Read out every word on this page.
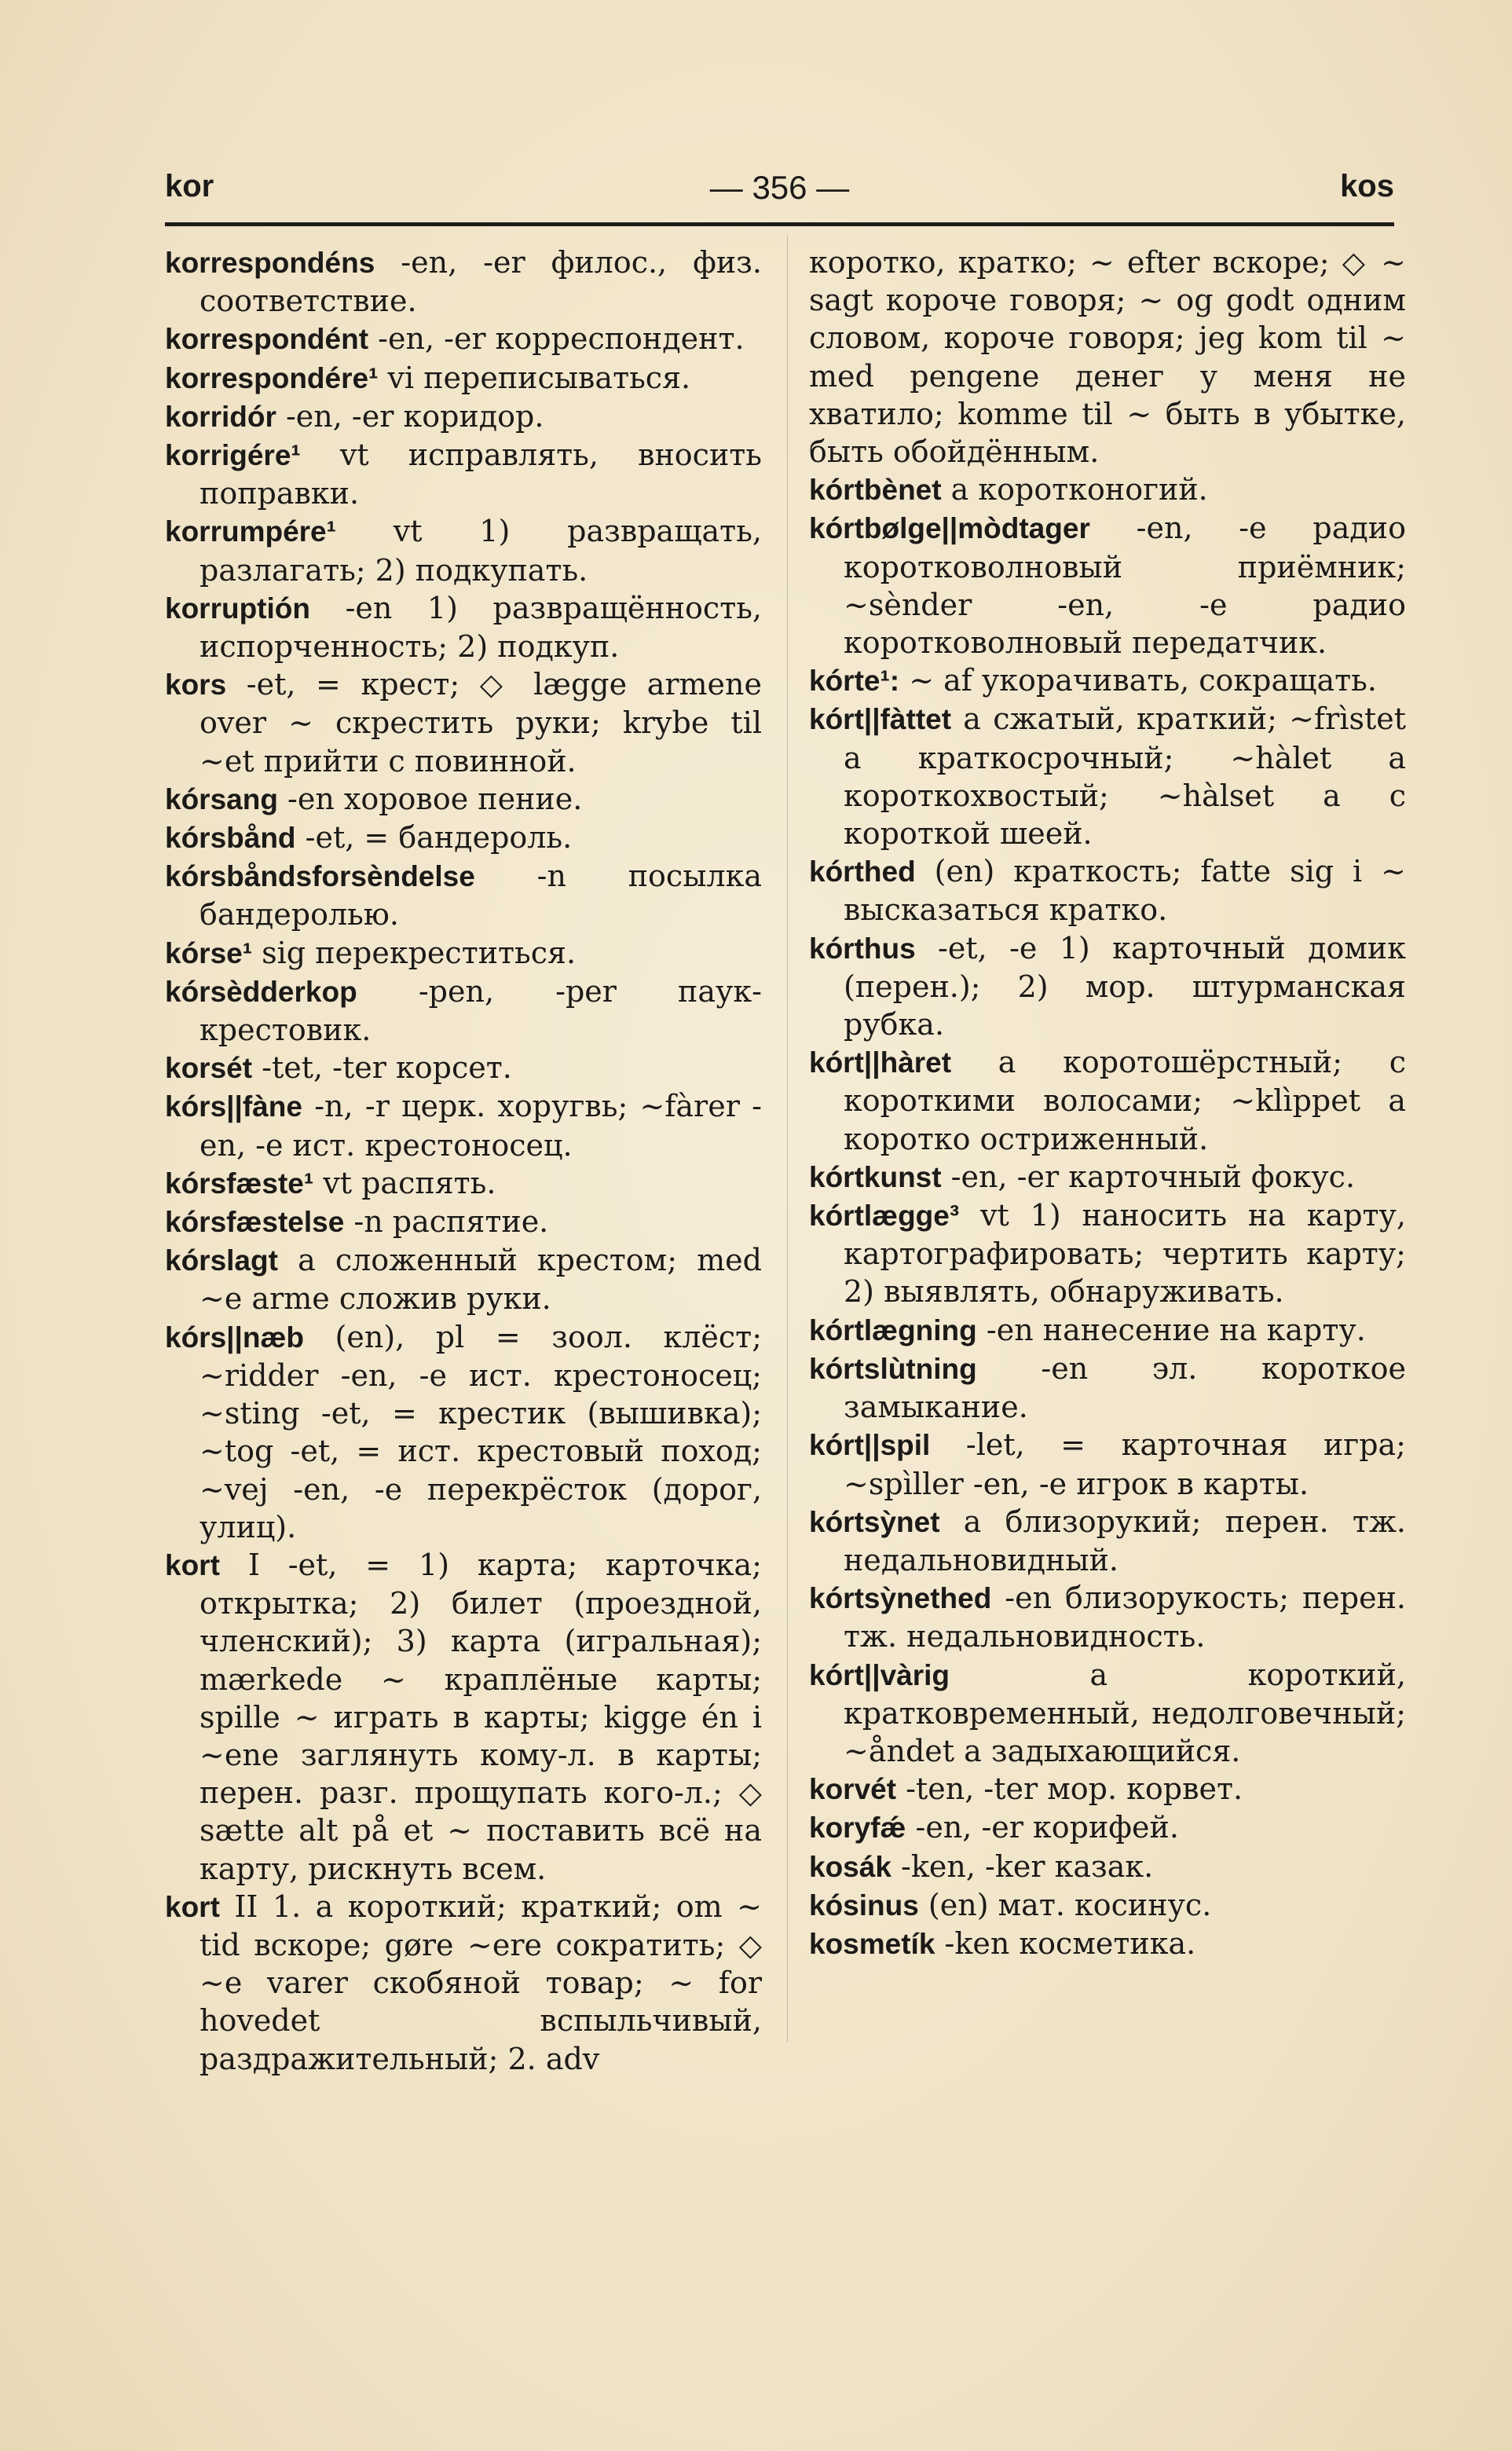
kor	— 356 —	kos

korrespondéns -en, -er филос., физ. соответствие.

korrespondént -en, -er корреспондент.

korrespondére¹ vi переписываться.

korridór -en, -er коридор.

korrigére¹ vt исправлять, вносить поправки.

korrumpére¹ vt 1) развращать, разлагать; 2) подкупать.

korruptión -en 1) развращённость, испорченность; 2) подкуп.

kors -et, = крест; ◇ lægge armene over ~ скрестить руки; krybe til ~et прийти с повинной.

kórsang -en хоровое пение.

kórsbånd -et, = бандероль.

kórsbåndsforsèndelse -n посылка бандеролью.

kórse¹ sig перекреститься.

kórsèdderkop -pen, -per паук-крестовик.

korsét -tet, -ter корсет.

kórs||fàne -n, -r церк. хоругвь; ~fàrer -en, -e ист. крестоносец.

kórsfæste¹ vt распять.

kórsfæstelse -n распятие.

kórslagt a сложенный крестом; med ~e arme сложив руки.

kórs||næb (en), pl = зоол. клёст; ~ridder -en, -e ист. крестоносец; ~sting -et, = крестик (вышивка); ~tog -et, = ист. крестовый поход; ~vej -en, -e перекрёсток (дорог, улиц).

kort I -et, = 1) карта; карточка; открытка; 2) билет (проездной, членский); 3) карта (игральная); mærkede ~ краплёные карты; spille ~ играть в карты; kigge én i ~ene заглянуть кому-л. в карты; перен. разг. прощупать кого-л.; ◇ sætte alt på et ~ поставить всё на карту, рискнуть всем.

kort II 1. a короткий; краткий; om ~ tid вскоре; gøre ~ere сократить; ◇ ~e varer скобяной товар; ~ for hovedet вспыльчивый, раздражительный; 2. adv

коротко, кратко; ~ efter вскоре; ◇ ~ sagt короче говоря; ~ og godt одним словом, короче говоря; jeg kom til ~ med pengene денег у меня не хватило; komme til ~ быть в убытке, быть обойдённым.

kórtbènet a коротконогий.

kórtbølge||mòdtager -en, -e радио коротковолновый приёмник; ~sènder -en, -e радио коротковолновый передатчик.

kórte¹: ~ af укорачивать, сокращать.

kórt||fàttet a сжатый, краткий; ~frìstet a краткосрочный; ~hàlet a короткохвостый; ~hàlset a с короткой шеей.

kórthed (en) краткость; fatte sig i ~ высказаться кратко.

kórthus -et, -e 1) карточный домик (перен.); 2) мор. штурманская рубка.

kórt||hàret a коротошёрстный; с короткими волосами; ~klìppet a коротко остриженный.

kórtkunst -en, -er карточный фокус.

kórtlægge³ vt 1) наносить на карту, картографировать; чертить карту; 2) выявлять, обнаруживать.

kórtlægning -en нанесение на карту.

kórtslùtning -en эл. короткое замыкание.

kórt||spil -let, = карточная игра; ~spìller -en, -e игрок в карты.

kórtsỳnet a близорукий; перен. тж. недальновидный.

kórtsỳnethed -en близорукость; перен. тж. недальновидность.

kórt||vàrig	a короткий, кратковременный, недолговечный; ~åndet a задыхающийся.

korvét -ten, -ter мор. корвет.

koryfǽ -en, -er корифей.

kosák -ken, -ker казак.

kósinus (en) мат. косинус.

kosmetík -ken косметика.
